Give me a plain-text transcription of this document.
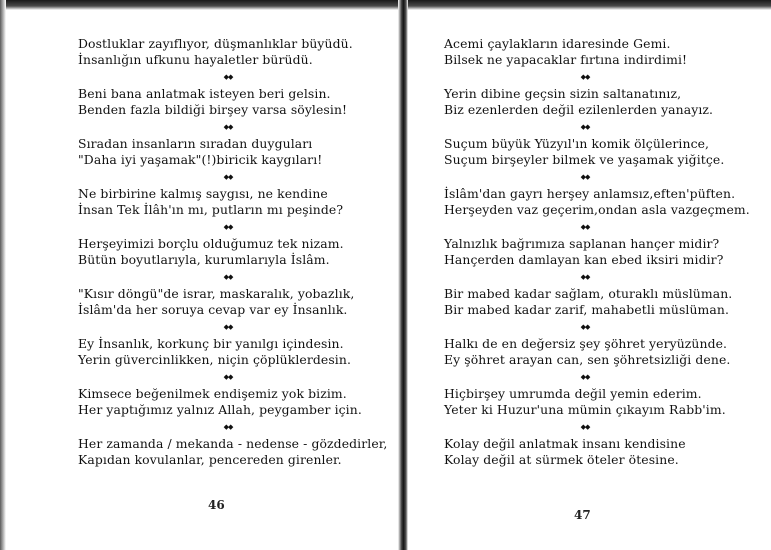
Dostluklar zayıflıyor, düşmanlıklar büyüdü.
İnsanlığın ufkunu hayaletler bürüdü.
◆◆
Beni bana anlatmak isteyen beri gelsin.
Benden fazla bildiği birşey varsa söylesin!
◆◆
Sıradan insanların sıradan duyguları
"Daha iyi yaşamak"(!)biricik kaygıları!
◆◆
Ne birbirine kalmış saygısı, ne kendine
İnsan Tek İlâh'ın mı, putların mı peşinde?
◆◆
Herşeyimizi borçlu olduğumuz tek nizam.
Bütün boyutlarıyla, kurumlarıyla İslâm.
◆◆
"Kısır döngü"de israr, maskaralık, yobazlık,
İslâm'da her soruya cevap var ey İnsanlık.
◆◆
Ey İnsanlık, korkunç bir yanılgı içindesin.
Yerin güvercinlikken, niçin çöplüklerdesin.
◆◆
Kimsece beğenilmek endişemiz yok bizim.
Her yaptığımız yalnız Allah, peygamber için.
◆◆
Her zamanda / mekanda - nedense - gözdedirler,
Kapıdan kovulanlar, pencereden girenler.
Acemi çaylakların idaresinde Gemi.
Bilsek ne yapacaklar fırtına indirdimi!
◆◆
Yerin dibine geçsin sizin saltanatınız,
Biz ezenlerden değil ezilenlerden yanayız.
◆◆
Suçum büyük Yüzyıl'ın komik ölçülerince,
Suçum birşeyler bilmek ve yaşamak yiğitçe.
◆◆
İslâm'dan gayrı herşey anlamsız,eften'püften.
Herşeyden vaz geçerim,ondan asla vazgeçmem.
◆◆
Yalnızlık bağrımıza saplanan hançer midir?
Hançerden damlayan kan ebed iksiri midir?
◆◆
Bir mabed kadar sağlam, oturaklı müslüman.
Bir mabed kadar zarif, mahabetli müslüman.
◆◆
Halkı de en değersiz şey şöhret yeryüzünde.
Ey şöhret arayan can, sen şöhretsizliği dene.
◆◆
Hiçbirşey umrumda değil yemin ederim.
Yeter ki Huzur'una mümin çıkayım Rabb'im.
◆◆
Kolay değil anlatmak insanı kendisine
Kolay değil at sürmek öteler ötesine.
46
47
